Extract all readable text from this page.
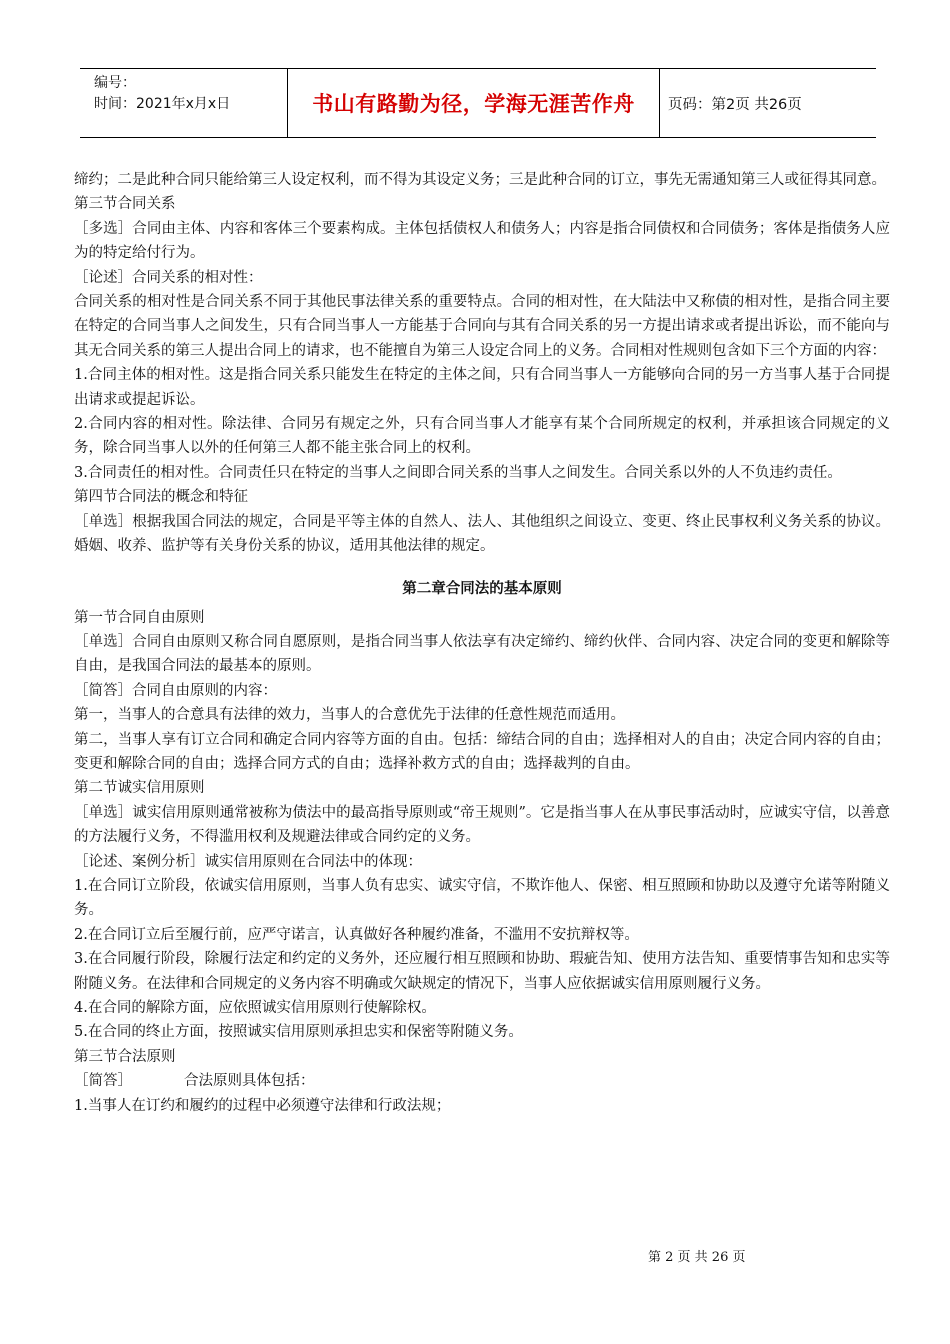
编号：
时间：2021年x月x日	书山有路勤为径，学海无涯苦作舟 页码：第2页 共26页

缔约；二是此种合同只能给第三人设定权利，而不得为其设定义务；三是此种合同的订立，事先无需通知第三人或征得其同意。

第三节合同关系

［多选］合同由主体、内容和客体三个要素构成。主体包括债权人和债务人；内容是指合同债权和合同债务；客体是指债务人应为的特定给付行为。

［论述］合同关系的相对性：

合同关系的相对性是合同关系不同于其他民事法律关系的重要特点。合同的相对性，在大陆法中又称债的相对性，是指合同主要在特定的合同当事人之间发生，只有合同当事人一方能基于合同向与其有合同关系的另一方提出请求或者提出诉讼，而不能向与其无合同关系的第三人提出合同上的请求，也不能擅自为第三人设定合同上的义务。合同相对性规则包含如下三个方面的内容：

1.合同主体的相对性。这是指合同关系只能发生在特定的主体之间，只有合同当事人一方能够向合同的另一方当事人基于合同提出请求或提起诉讼。

2.合同内容的相对性。除法律、合同另有规定之外，只有合同当事人才能享有某个合同所规定的权利，并承担该合同规定的义务，除合同当事人以外的任何第三人都不能主张合同上的权利。

3.合同责任的相对性。合同责任只在特定的当事人之间即合同关系的当事人之间发生。合同关系以外的人不负违约责任。

第四节合同法的概念和特征

［单选］根据我国合同法的规定，合同是平等主体的自然人、法人、其他组织之间设立、变更、终止民事权利义务关系的协议。婚姻、收养、监护等有关身份关系的协议，适用其他法律的规定。

第二章合同法的基本原则

第一节合同自由原则

［单选］合同自由原则又称合同自愿原则，是指合同当事人依法享有决定缔约、缔约伙伴、合同内容、决定合同的变更和解除等自由，是我国合同法的最基本的原则。

［简答］合同自由原则的内容：

第一，当事人的合意具有法律的效力，当事人的合意优先于法律的任意性规范而适用。

第二，当事人享有订立合同和确定合同内容等方面的自由。包括：缔结合同的自由；选择相对人的自由；决定合同内容的自由；变更和解除合同的自由；选择合同方式的自由；选择补救方式的自由；选择裁判的自由。

第二节诚实信用原则

［单选］诚实信用原则通常被称为债法中的最高指导原则或“帝王规则”。它是指当事人在从事民事活动时，应诚实守信，以善意的方法履行义务，不得滥用权利及规避法律或合同约定的义务。

［论述、案例分析］诚实信用原则在合同法中的体现：

1.在合同订立阶段，依诚实信用原则，当事人负有忠实、诚实守信，不欺诈他人、保密、相互照顾和协助以及遵守允诺等附随义务。

2.在合同订立后至履行前，应严守诺言，认真做好各种履约准备，不滥用不安抗辩权等。

3.在合同履行阶段，除履行法定和约定的义务外，还应履行相互照顾和协助、瑕疵告知、使用方法告知、重要情事告知和忠实等附随义务。在法律和合同规定的义务内容不明确或欠缺规定的情况下，当事人应依据诚实信用原则履行义务。

4.在合同的解除方面，应依照诚实信用原则行使解除权。

5.在合同的终止方面，按照诚实信用原则承担忠实和保密等附随义务。

第三节合法原则

［简答］	合法原则具体包括：

1.当事人在订约和履约的过程中必须遵守法律和行政法规；

第 2 页 共 26 页
